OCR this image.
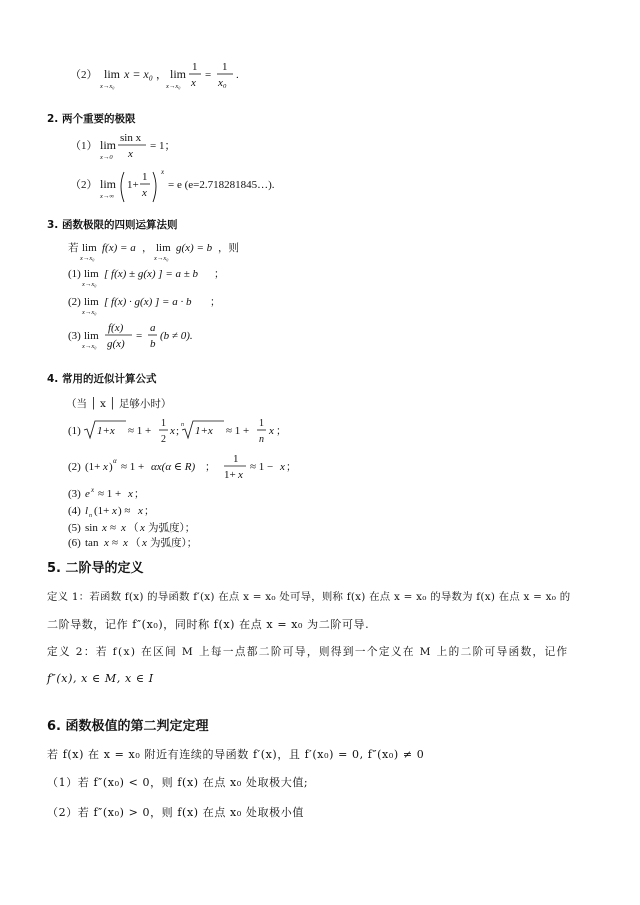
（2） lim
x→x₀
x = x₀ ， lim
x→x₀
1
x
=
1
x₀
.
2. 两个重要的极限
（1） lim
x→0
sin x
x
= 1；
（2） lim
x→∞
1+
1
x
x
= e (e=2.718281845…).
3. 函数极限的四则运算法则
若 lim
x→x₀
f(x) = a ， lim
x→x₀
g(x) = b ，则
(1) lim
x→x₀
[ f(x) ± g(x) ] = a ± b ；
(2) lim
x→x₀
[ f(x) · g(x) ] = a · b ；
(3) lim
x→x₀
f(x)
g(x)
=
a
b
(b ≠ 0).
4. 常用的近似计算公式
（当 │ x │ 足够小时）
(1) 1+x ≈ 1 +
1
2
x ; n 1+x ≈ 1 +
1
n
x ；
(2) (1+ x ) α ≈ 1 + αx(α ∈ R) ；
1
1+ x
≈ 1 − x ；
(3) e x ≈ 1 + x ；
(4) l n (1+ x ) ≈ x ；
(5) sin x ≈ x （ x 为弧度）；
(6) tan x ≈ x （ x 为弧度）；
5. 二阶导的定义
定义 1：若函数 f(x) 的导函数 f′(x) 在点 x = x₀ 处可导，则称 f(x) 在点 x = x₀ 的导数为 f(x) 在点 x = x₀ 的
二阶导数，记作 f″(x₀)，同时称 f(x) 在点 x = x₀ 为二阶可导.
定义 2：若 f(x) 在区间 M 上每一点都二阶可导，则得到一个定义在 M 上的二阶可导函数，记作
f″(x), x ∈ M, x ∈ I
6. 函数极值的第二判定定理
若 f(x) 在 x = x₀ 附近有连续的导函数 f′(x)，且 f′(x₀) = 0, f″(x₀) ≠ 0
（1）若 f″(x₀) < 0，则 f(x) 在点 x₀ 处取极大值;
（2）若 f″(x₀) > 0，则 f(x) 在点 x₀ 处取极小值
